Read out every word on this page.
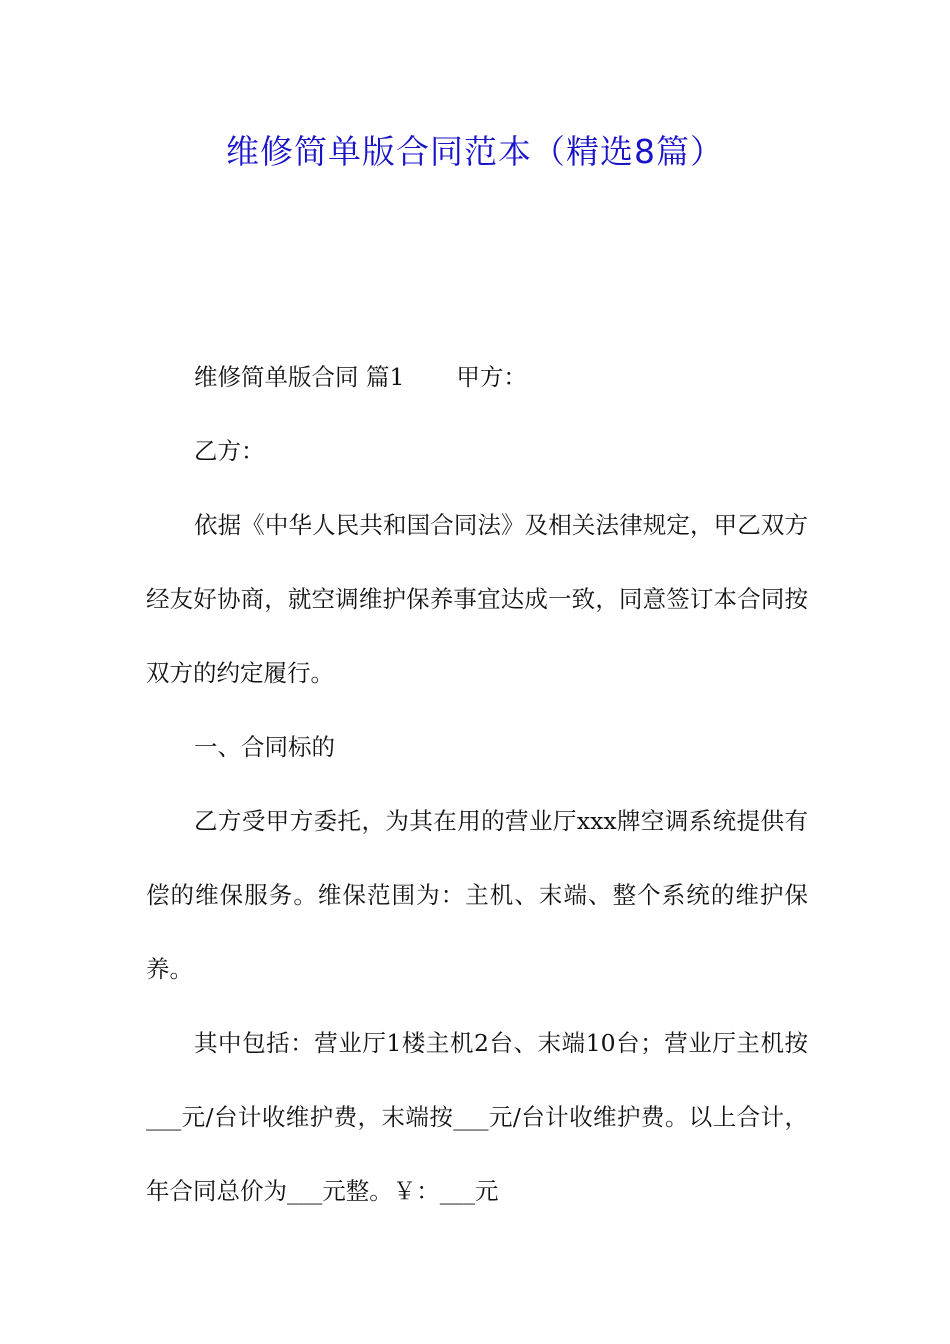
维修简单版合同范本（精选8篇）

维修简单版合同 篇1 甲方：

乙方：

依据《中华人民共和国合同法》及相关法律规定，甲乙双方经友好协商，就空调维护保养事宜达成一致，同意签订本合同按双方的约定履行。

一、合同标的

乙方受甲方委托，为其在用的营业厅xxx牌空调系统提供有偿的维保服务。维保范围为：主机、末端、整个系统的维护保养。

其中包括：营业厅1楼主机2台、末端10台；营业厅主机按___元/台计收维护费，末端按___元/台计收维护费。以上合计，年合同总价为___元整。￥：___元
